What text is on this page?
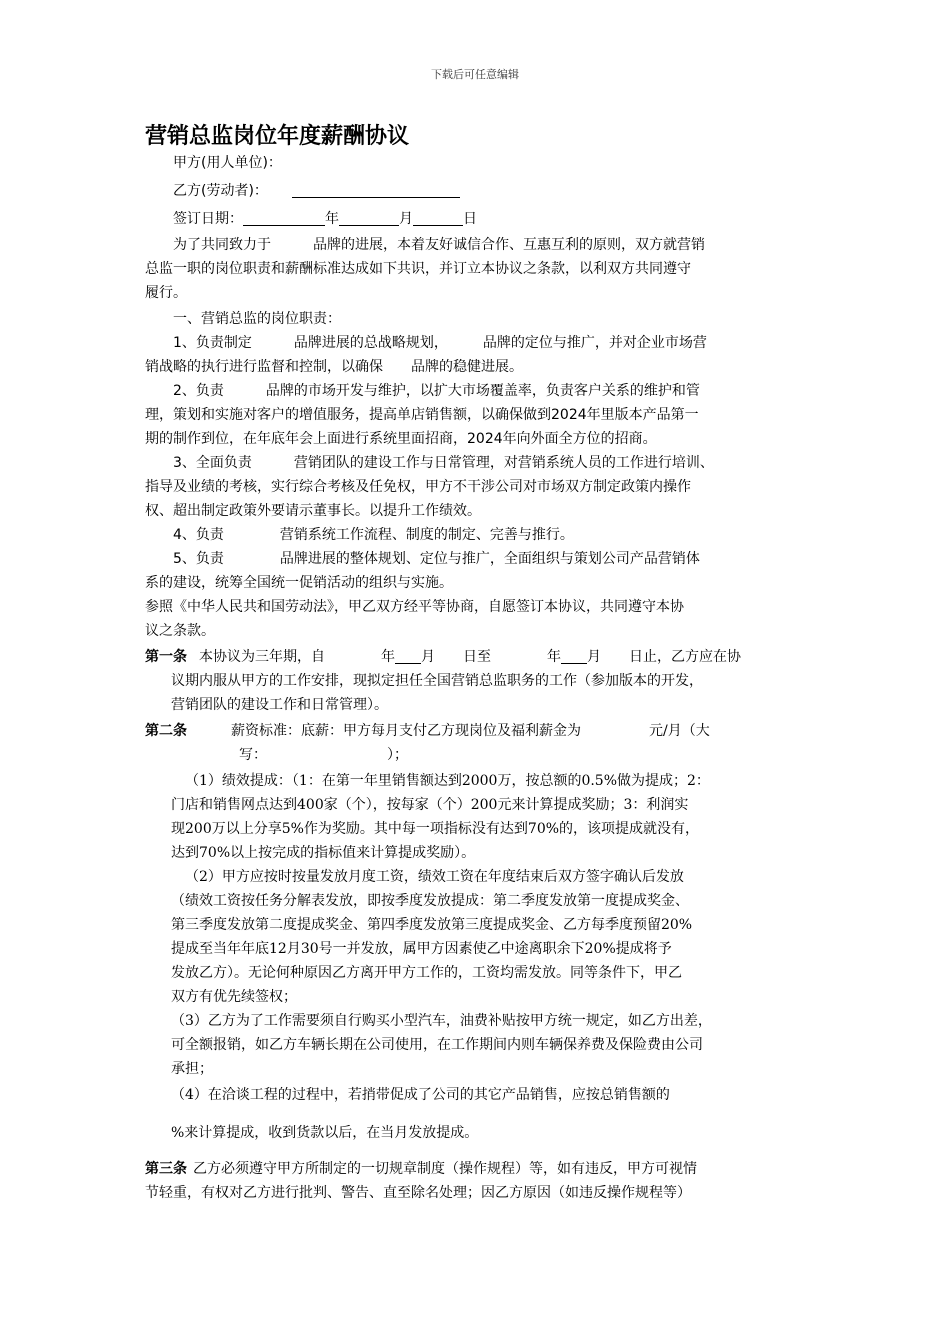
下载后可任意编辑
营销总监岗位年度薪酬协议
甲方(用人单位)：
乙方(劳动者)：
签订日期：	年	月	日
为了共同致力于　　　品牌的进展，本着友好诚信合作、互惠互利的原则，双方就营销
总监一职的岗位职责和薪酬标准达成如下共识，并订立本协议之条款，以利双方共同遵守
履行。
一、营销总监的岗位职责：
1、负责制定　　　品牌进展的总战略规划，　　　品牌的定位与推广，并对企业市场营
销战略的执行进行监督和控制，以确保　　品牌的稳健进展。
2、负责　　　品牌的市场开发与维护，以扩大市场覆盖率，负责客户关系的维护和管
理，策划和实施对客户的增值服务，提高单店销售额，以确保做到2024年里版本产品第一
期的制作到位，在年底年会上面进行系统里面招商，2024年向外面全方位的招商。
3、全面负责　　　营销团队的建设工作与日常管理，对营销系统人员的工作进行培训、
指导及业绩的考核，实行综合考核及任免权，甲方不干涉公司对市场双方制定政策内操作
权、超出制定政策外要请示董事长。以提升工作绩效。
4、负责　　　　营销系统工作流程、制度的制定、完善与推行。
5、负责　　　　品牌进展的整体规划、定位与推广，全面组织与策划公司产品营销体
系的建设，统筹全国统一促销活动的组织与实施。
参照《中华人民共和国劳动法》，甲乙双方经平等协商，自愿签订本协议，共同遵守本协
议之条款。
第一条 本协议为三年期，自	年 月 日至	年 月 日止，乙方应在协
议期内服从甲方的工作安排，现拟定担任全国营销总监职务的工作（参加版本的开发，
营销团队的建设工作和日常管理）。
第二条	薪资标准：底薪：甲方每月支付乙方现岗位及福利薪金为	元/月（大
写：	）；
（1）绩效提成：（1：在第一年里销售额达到2000万，按总额的0.5%做为提成；2：
门店和销售网点达到400家（个），按每家（个）200元来计算提成奖励；3：利润实
现200万以上分享5%作为奖励。其中每一项指标没有达到70%的，该项提成就没有，
达到70%以上按完成的指标值来计算提成奖励）。
（2）甲方应按时按量发放月度工资，绩效工资在年度结束后双方签字确认后发放
（绩效工资按任务分解表发放，即按季度发放提成：第二季度发放第一度提成奖金、
第三季度发放第二度提成奖金、第四季度发放第三度提成奖金、乙方每季度预留20%
提成至当年年底12月30号一并发放，属甲方因素使乙中途离职余下20%提成将予
发放乙方）。无论何种原因乙方离开甲方工作的，工资均需发放。同等条件下，甲乙
双方有优先续签权；
（3）乙方为了工作需要须自行购买小型汽车，油费补贴按甲方统一规定，如乙方出差，
可全额报销，如乙方车辆长期在公司使用，在工作期间内则车辆保养费及保险费由公司
承担；
（4）在洽谈工程的过程中，若捎带促成了公司的其它产品销售，应按总销售额的
%来计算提成，收到货款以后，在当月发放提成。
第三条 乙方必须遵守甲方所制定的一切规章制度（操作规程）等，如有违反，甲方可视情
节轻重，有权对乙方进行批判、警告、直至除名处理；因乙方原因（如违反操作规程等）
